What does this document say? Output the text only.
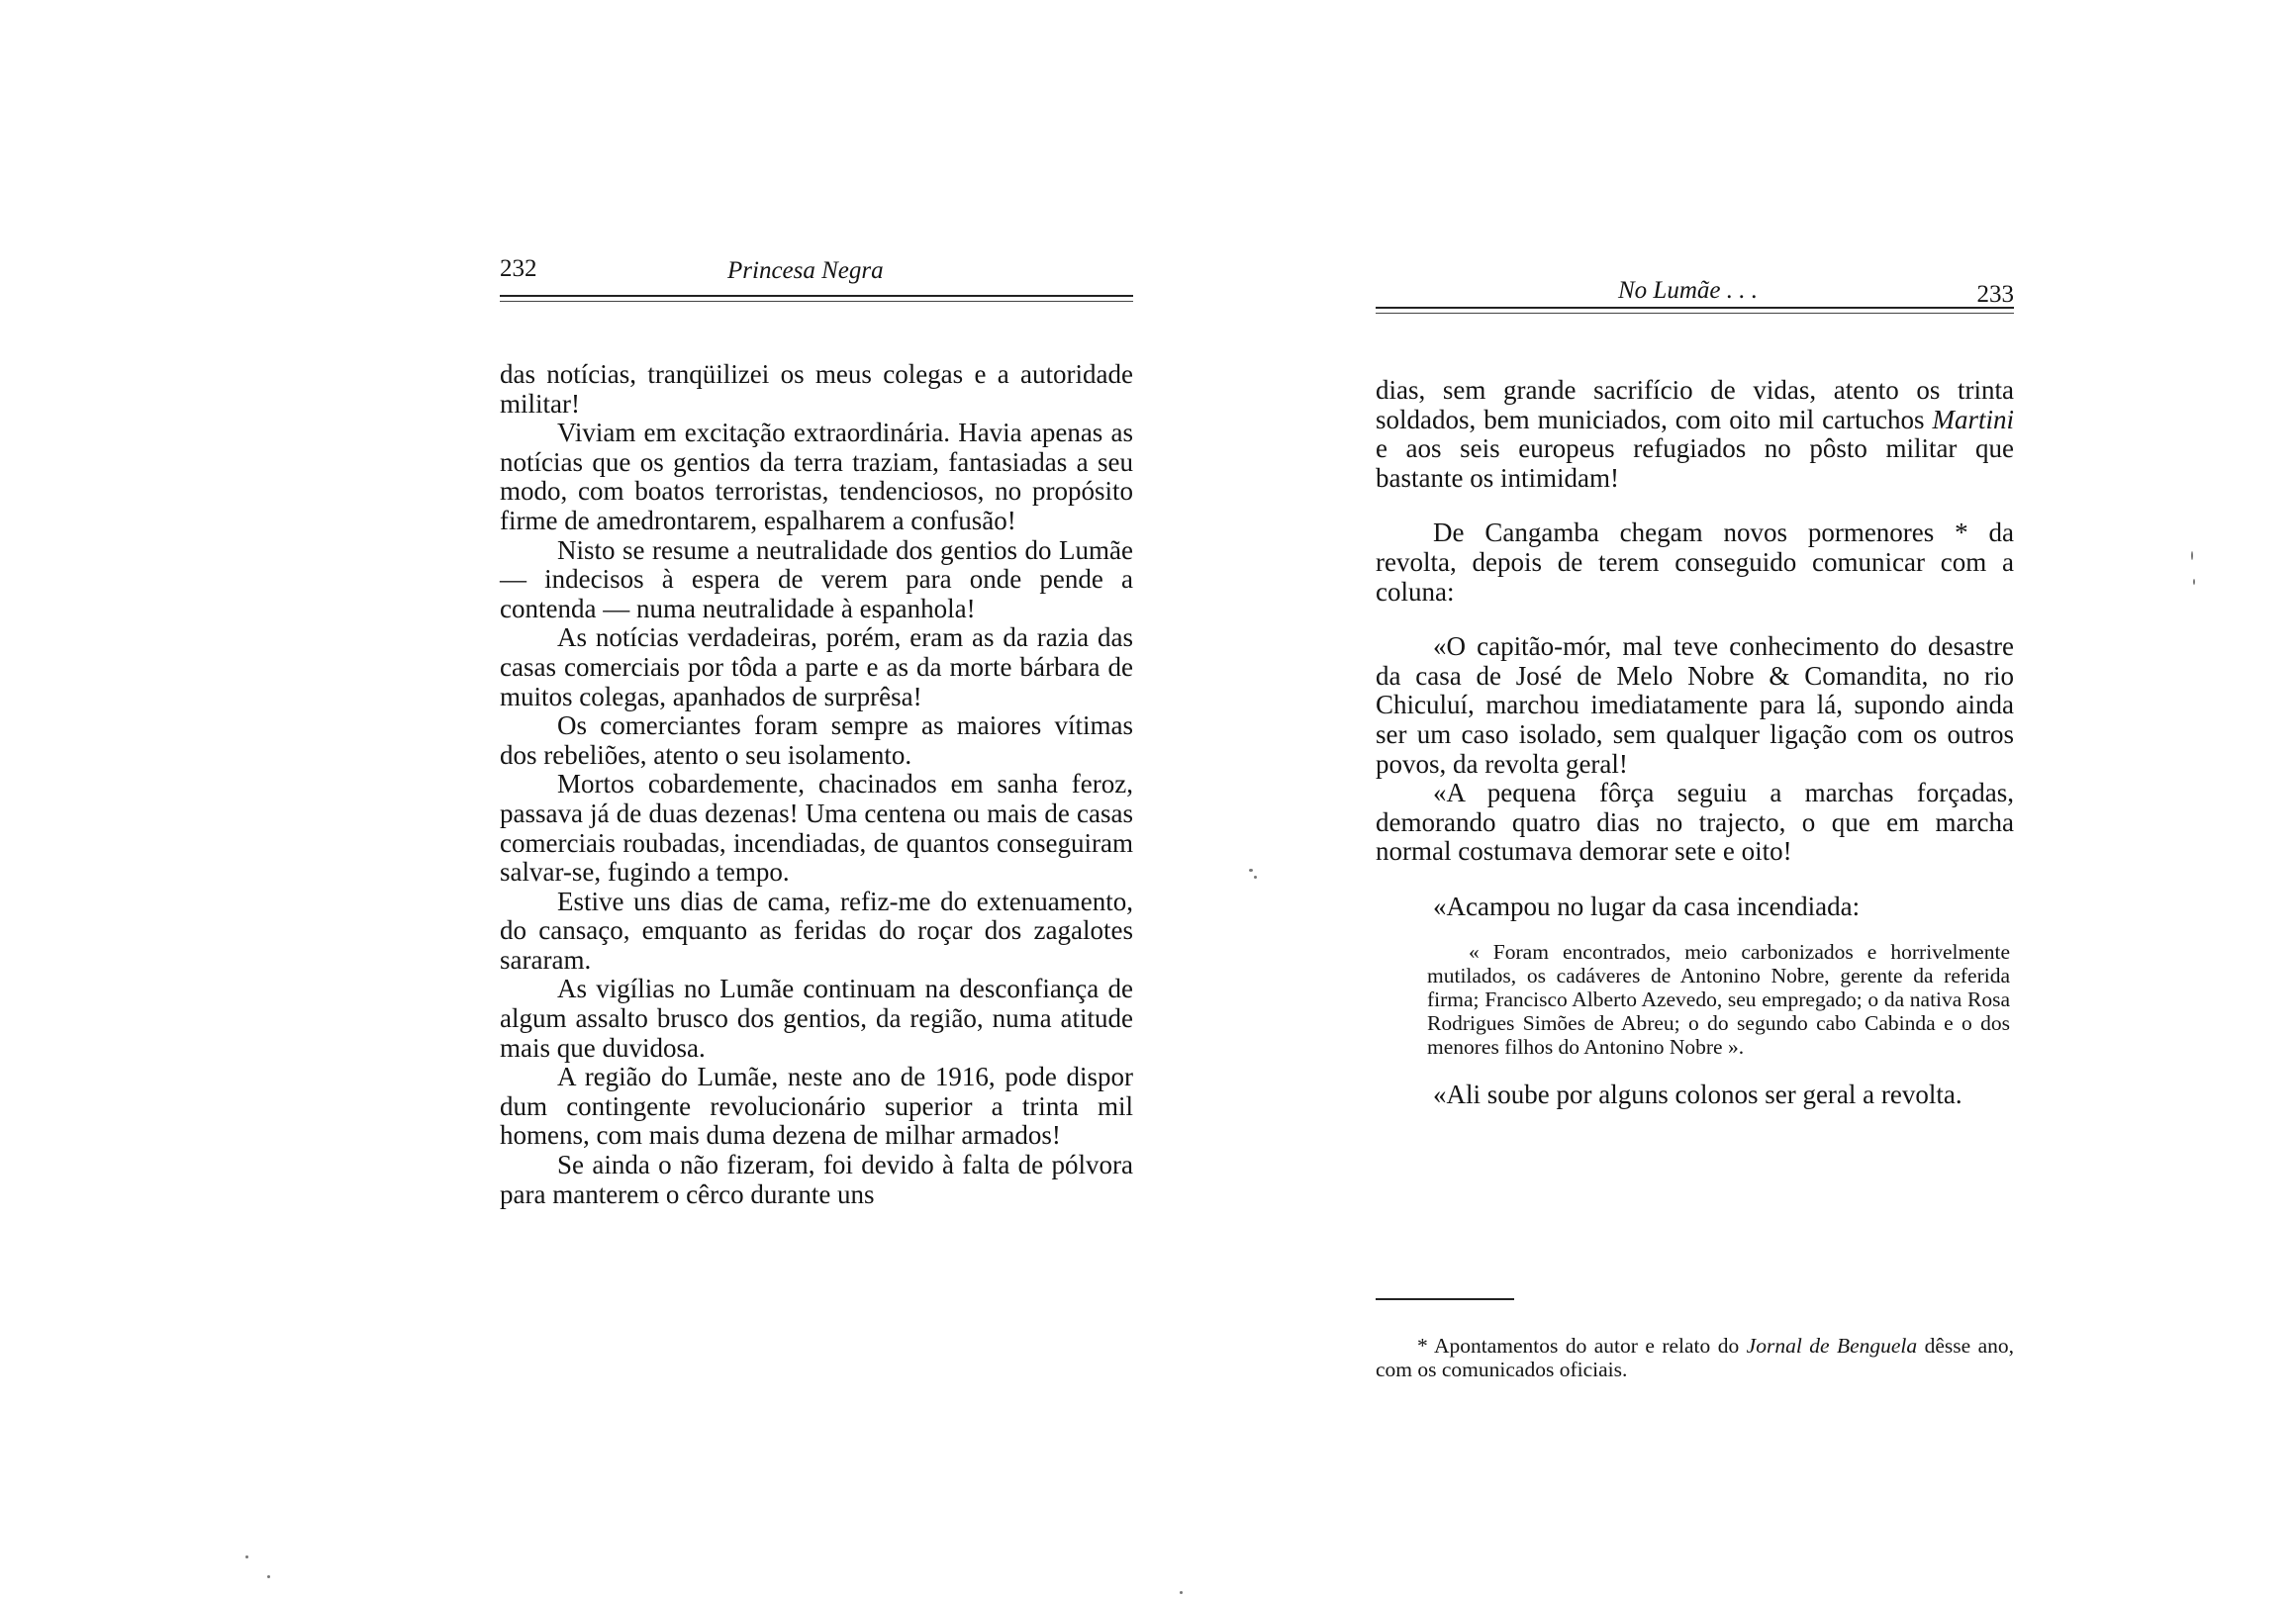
232	Princesa Negra

das notícias, tranqüilizei os meus colegas e a autoridade militar!

Viviam em excitação extraordinária. Havia apenas as notícias que os gentios da terra traziam, fantasiadas a seu modo, com boatos terroristas, tendenciosos, no propósito firme de amedrontarem, espalharem a confusão!

Nisto se resume a neutralidade dos gentios do Lumãe — indecisos à espera de verem para onde pende a contenda — numa neutralidade à espanhola!

As notícias verdadeiras, porém, eram as da razia das casas comerciais por tôda a parte e as da morte bárbara de muitos colegas, apanhados de surprêsa!

Os comerciantes foram sempre as maiores vítimas dos rebeliões, atento o seu isolamento.

Mortos cobardemente, chacinados em sanha feroz, passava já de duas dezenas! Uma centena ou mais de casas comerciais roubadas, incendiadas, de quantos conseguiram salvar-se, fugindo a tempo.

Estive uns dias de cama, refiz-me do extenuamento, do cansaço, emquanto as feridas do roçar dos zagalotes sararam.

As vigílias no Lumãe continuam na desconfiança de algum assalto brusco dos gentios, da região, numa atitude mais que duvidosa.

A região do Lumãe, neste ano de 1916, pode dispor dum contingente revolucionário superior a trinta mil homens, com mais duma dezena de milhar armados!

Se ainda o não fizeram, foi devido à falta de pólvora para manterem o cêrco durante uns

No Lumãe . . .	233

dias, sem grande sacrifício de vidas, atento os trinta soldados, bem municiados, com oito mil cartuchos Martini e aos seis europeus refugiados no pôsto militar que bastante os intimidam!

De Cangamba chegam novos pormenores * da revolta, depois de terem conseguido comunicar com a coluna:

«O capitão-mór, mal teve conhecimento do desastre da casa de José de Melo Nobre & Comandita, no rio Chiculuí, marchou imediatamente para lá, supondo ainda ser um caso isolado, sem qualquer ligação com os outros povos, da revolta geral!

«A pequena fôrça seguiu a marchas forçadas, demorando quatro dias no trajecto, o que em marcha normal costumava demorar sete e oito!

«Acampou no lugar da casa incendiada:

« Foram encontrados, meio carbonizados e horrivelmente mutilados, os cadáveres de Antonino Nobre, gerente da referida firma; Francisco Alberto Azevedo, seu empregado; o da nativa Rosa Rodrigues Simões de Abreu; o do segundo cabo Cabinda e o dos menores filhos do Antonino Nobre ».

«Ali soube por alguns colonos ser geral a revolta.

* Apontamentos do autor e relato do Jornal de Benguela dêsse ano, com os comunicados oficiais.
